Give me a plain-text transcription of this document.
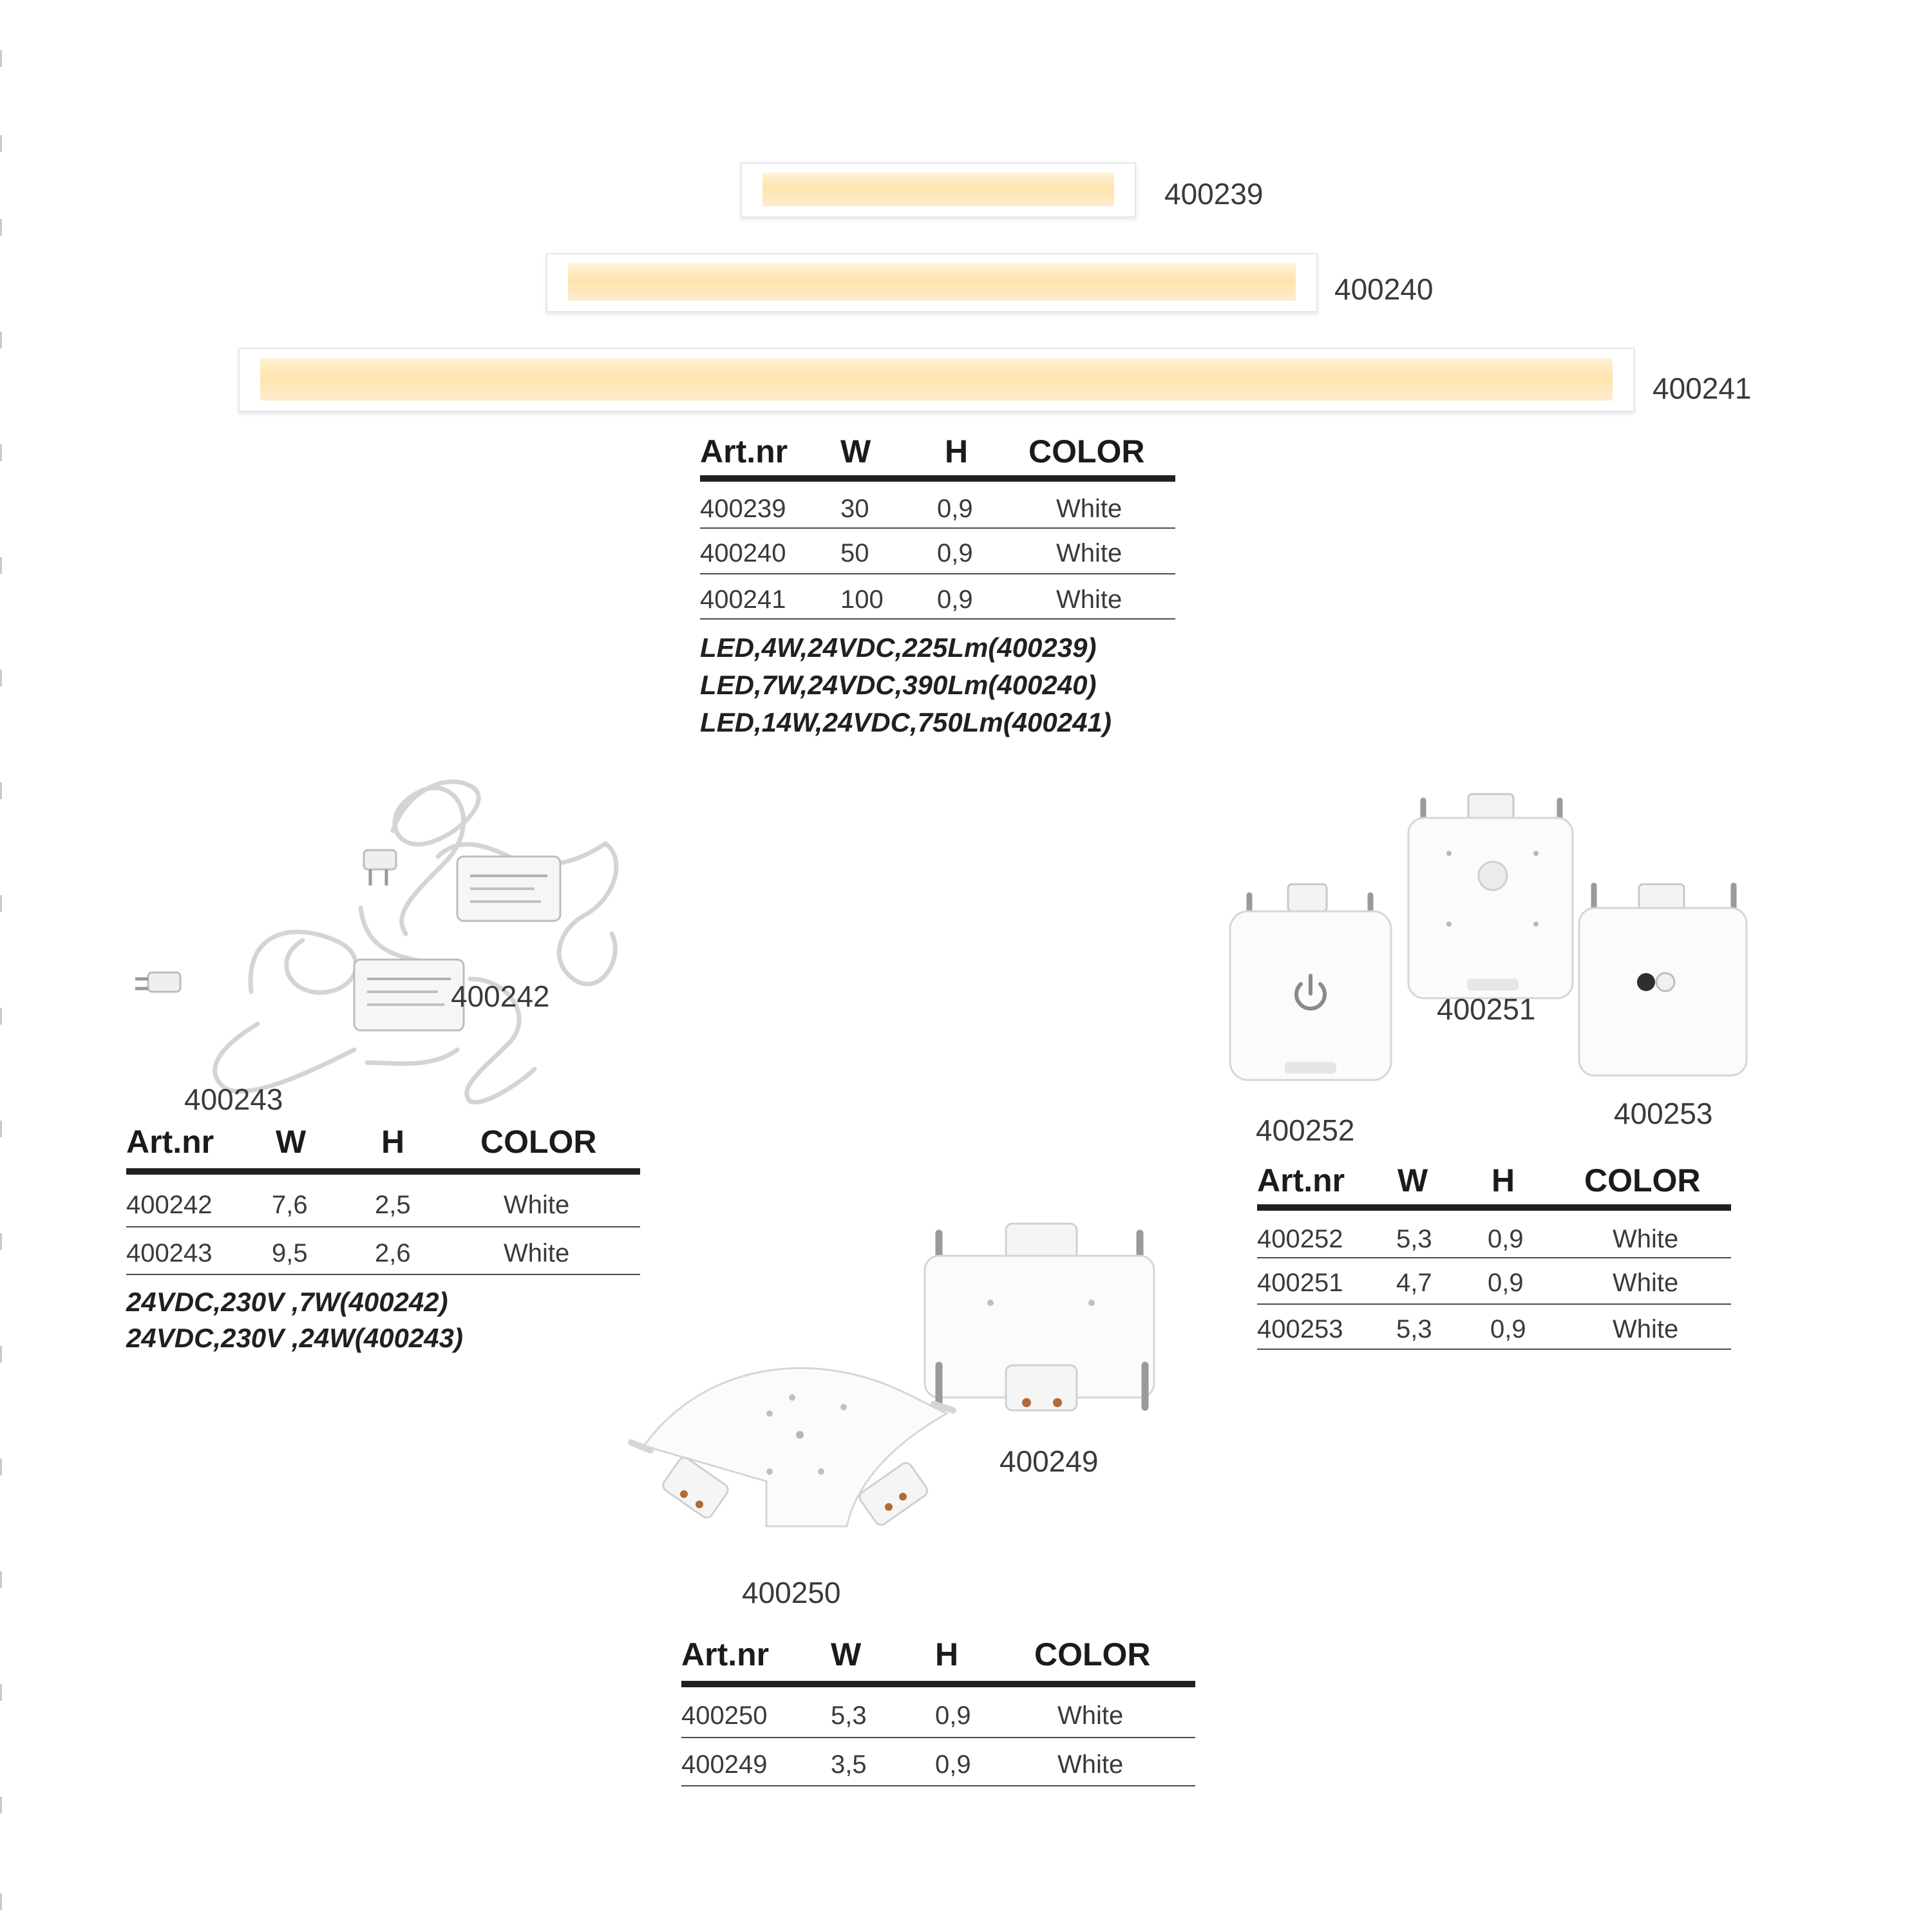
400239
400240
400241
Art.nr W H COLOR
400239 30	0,9	White
400240 50	0,9	White
400241 100 0,9	White
LED,4W,24VDC,225Lm(400239)
LED,7W,24VDC,390Lm(400240)
LED,14W,24VDC,750Lm(400241)
400242
400243
Art.nr W H COLOR
400242 7,6	2,5	White
400243 9,5	2,6	White
24VDC,230V ,7W(400242)
24VDC,230V ,24W(400243)
400252
400251
400253
Art.nr W H COLOR
400252 5,3 0,9	White
400251 4,7 0,9	White
400253 5,3 0,9	White
400249
400250
Art.nr W H COLOR
400250 5,3	0,9	White
400249 3,5	0,9	White
